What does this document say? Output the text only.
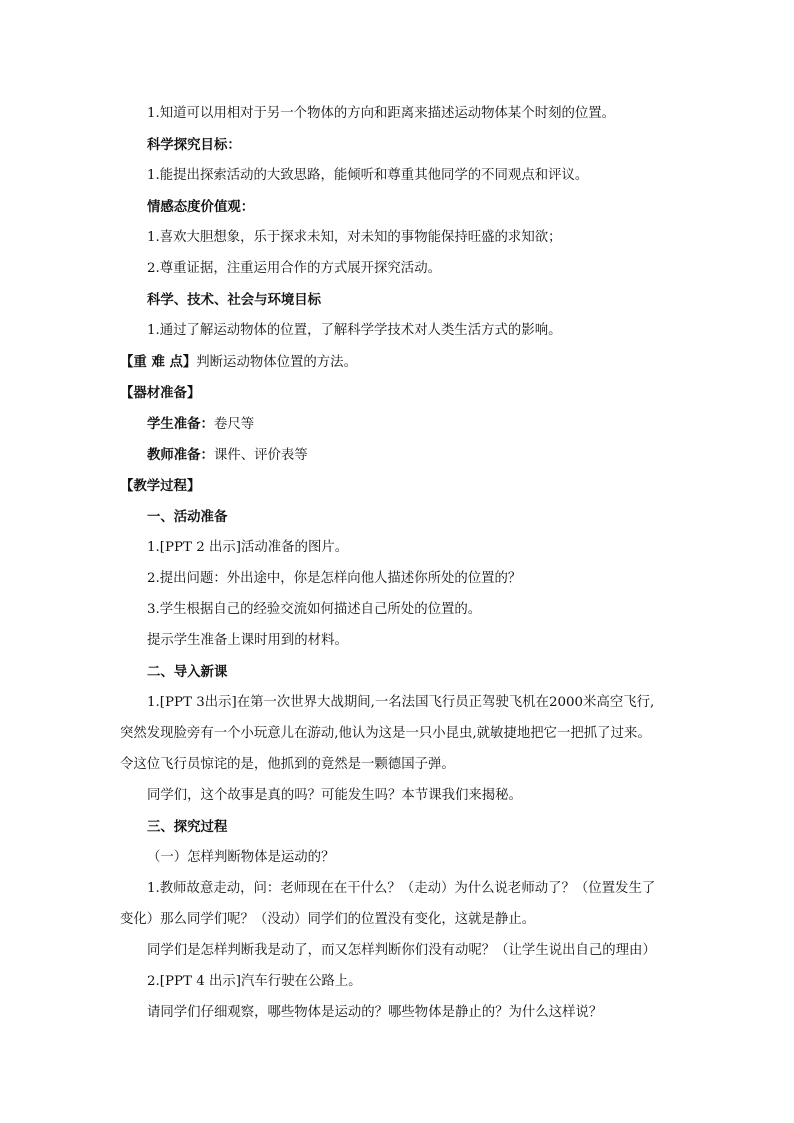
1.知道可以用相对于另一个物体的方向和距离来描述运动物体某个时刻的位置。
科学探究目标：
1.能提出探索活动的大致思路，能倾听和尊重其他同学的不同观点和评议。
情感态度价值观：
1.喜欢大胆想象，乐于探求未知，对未知的事物能保持旺盛的求知欲；
2.尊重证据，注重运用合作的方式展开探究活动。
科学、技术、社会与环境目标
1.通过了解运动物体的位置，了解科学学技术对人类生活方式的影响。
【重 难 点】判断运动物体位置的方法。
【器材准备】
学生准备：卷尺等
教师准备：课件、评价表等
【教学过程】
一、活动准备
1.[PPT 2 出示]活动准备的图片。
2.提出问题：外出途中，你是怎样向他人描述你所处的位置的？
3.学生根据自己的经验交流如何描述自己所处的位置的。
提示学生准备上课时用到的材料。
二、导入新课
1.[PPT 3出示]在第一次世界大战期间,一名法国飞行员正驾驶飞机在2000米高空飞行,
突然发现脸旁有一个小玩意儿在游动,他认为这是一只小昆虫,就敏捷地把它一把抓了过来。
令这位飞行员惊诧的是，他抓到的竟然是一颗德国子弹。
同学们，这个故事是真的吗？可能发生吗？本节课我们来揭秘。
三、探究过程
（一）怎样判断物体是运动的？
1.教师故意走动，问：老师现在在干什么？（走动）为什么说老师动了？（位置发生了
变化）那么同学们呢？（没动）同学们的位置没有变化，这就是静止。
同学们是怎样判断我是动了，而又怎样判断你们没有动呢？（让学生说出自己的理由）
2.[PPT 4 出示]汽车行驶在公路上。
请同学们仔细观察，哪些物体是运动的？哪些物体是静止的？为什么这样说？
